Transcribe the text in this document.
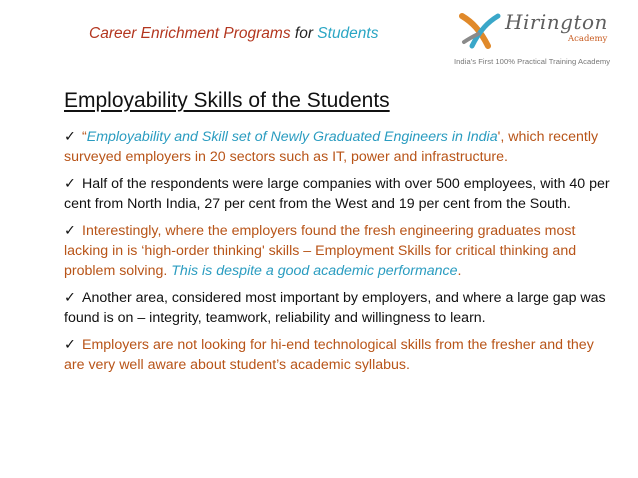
Career Enrichment Programs for Students	Hirington
Academy
India's First 100% Practical Training Academy
Employability Skills of the Students
✓ “Employability and Skill set of Newly Graduated Engineers in India', which recently surveyed employers in 20 sectors such as IT, power and infrastructure.
✓ Half of the respondents were large companies with over 500 employees, with 40 per cent from North India, 27 per cent from the West and 19 per cent from the South.
✓ Interestingly, where the employers found the fresh engineering graduates most lacking in is ‘high-order thinking' skills – Employment Skills for critical thinking and problem solving. This is despite a good academic performance.
✓ Another area, considered most important by employers, and where a large gap was found is on – integrity, teamwork, reliability and willingness to learn.
✓ Employers are not looking for hi-end technological skills from the fresher and they are very well aware about student’s academic syllabus.
